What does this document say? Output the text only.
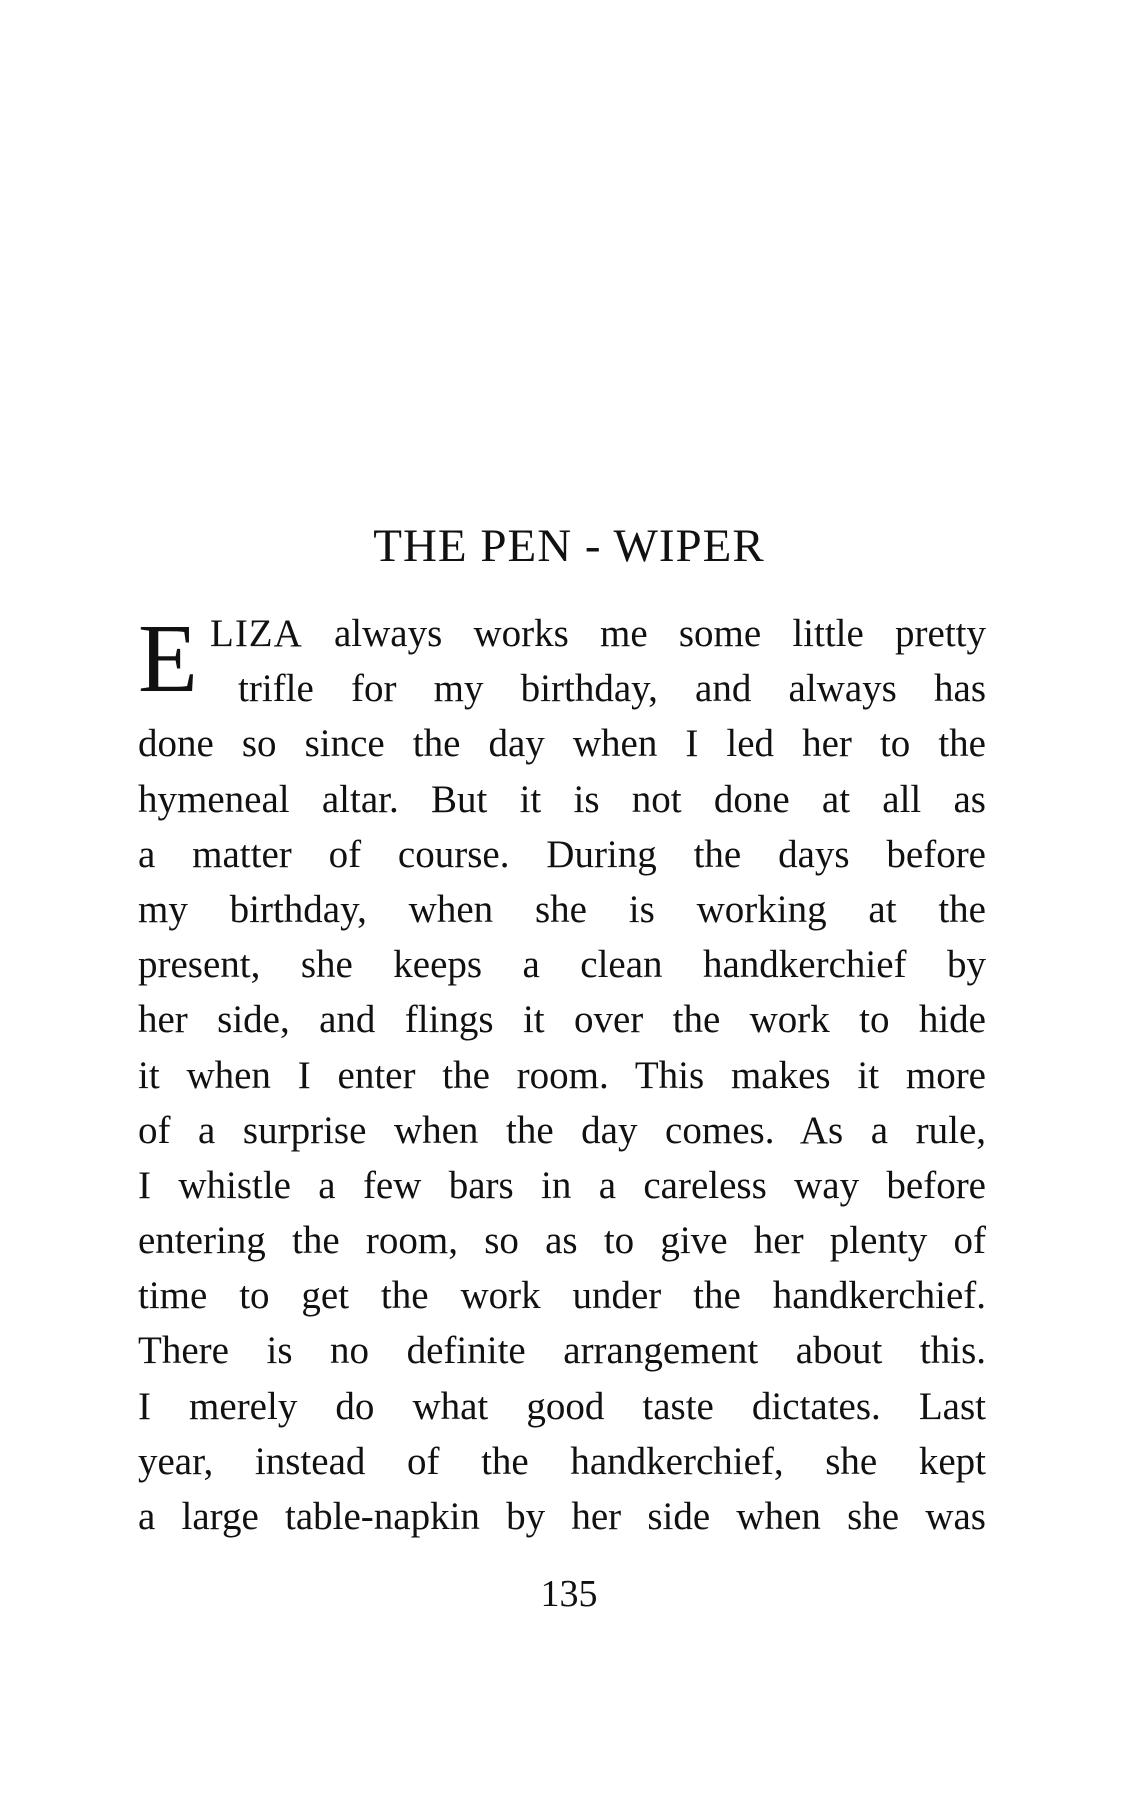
THE PEN - WIPER
E LIZA always works me some little pretty
trifle for my birthday, and always has
done so since the day when I led her to the
hymeneal altar. But it is not done at all as
a matter of course. During the days before
my birthday, when she is working at the
present, she keeps a clean handkerchief by
her side, and flings it over the work to hide
it when I enter the room. This makes it more
of a surprise when the day comes. As a rule,
I whistle a few bars in a careless way before
entering the room, so as to give her plenty of
time to get the work under the handkerchief.
There is no definite arrangement about this.
I merely do what good taste dictates. Last
year, instead of the handkerchief, she kept
a large table-napkin by her side when she was
135
